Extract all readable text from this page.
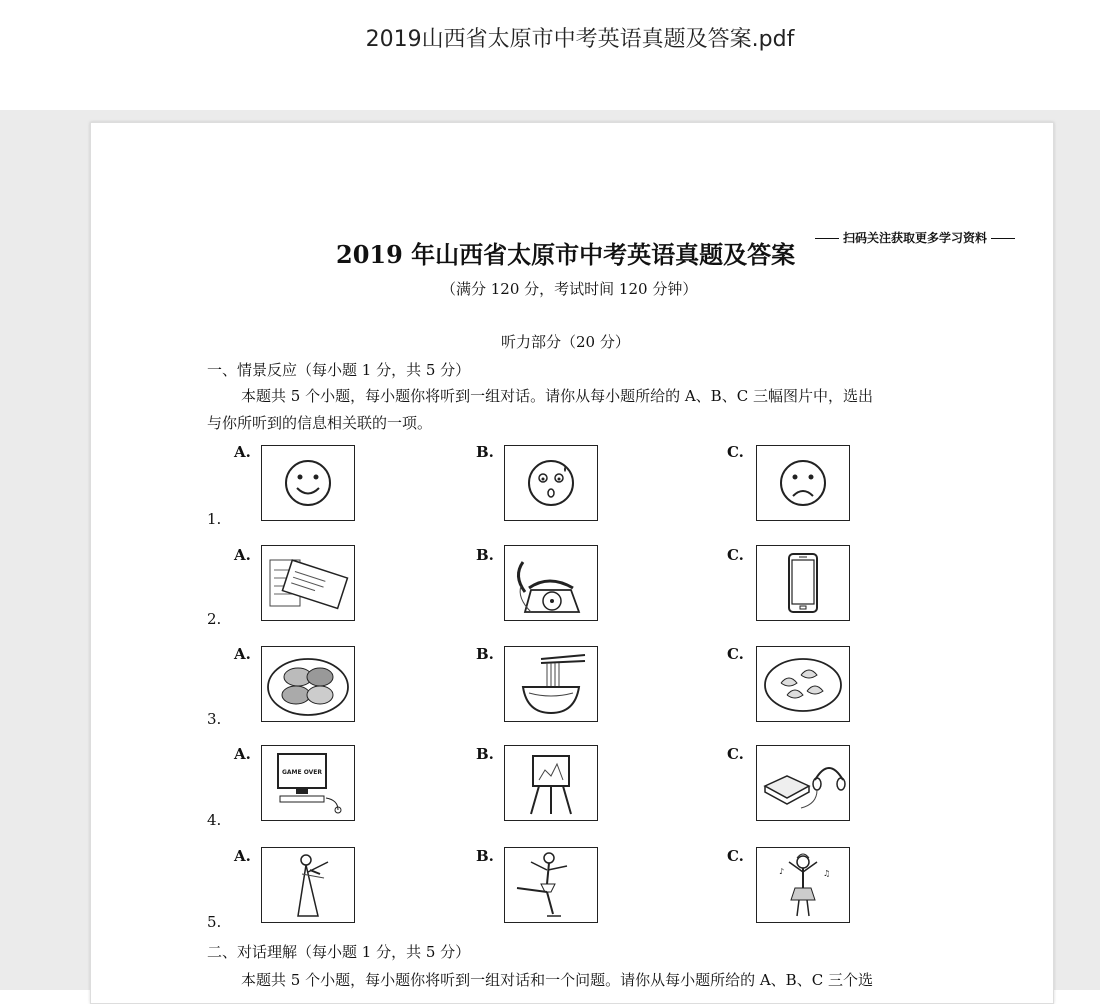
2019山西省太原市中考英语真题及答案.pdf
2019 年山西省太原市中考英语真题及答案
扫码关注获取更多学习资料
（满分 120 分，考试时间 120 分钟）
听力部分（20 分）
一、情景反应（每小题 1 分，共 5 分）
本题共 5 个小题，每小题你将听到一组对话。请你从每小题所给的 A、B、C 三幅图片中，选出
与你所听到的信息相关联的一项。
1.
A.	B.	C.
2.
A.	B.	C.
3.
A.	B.	C.
4.
A.
GAME OVER
B.	C.
5.
A.	B.	C.
♪	♫
二、对话理解（每小题 1 分，共 5 分）
本题共 5 个小题，每小题你将听到一组对话和一个问题。请你从每小题所给的 A、B、C 三个选
